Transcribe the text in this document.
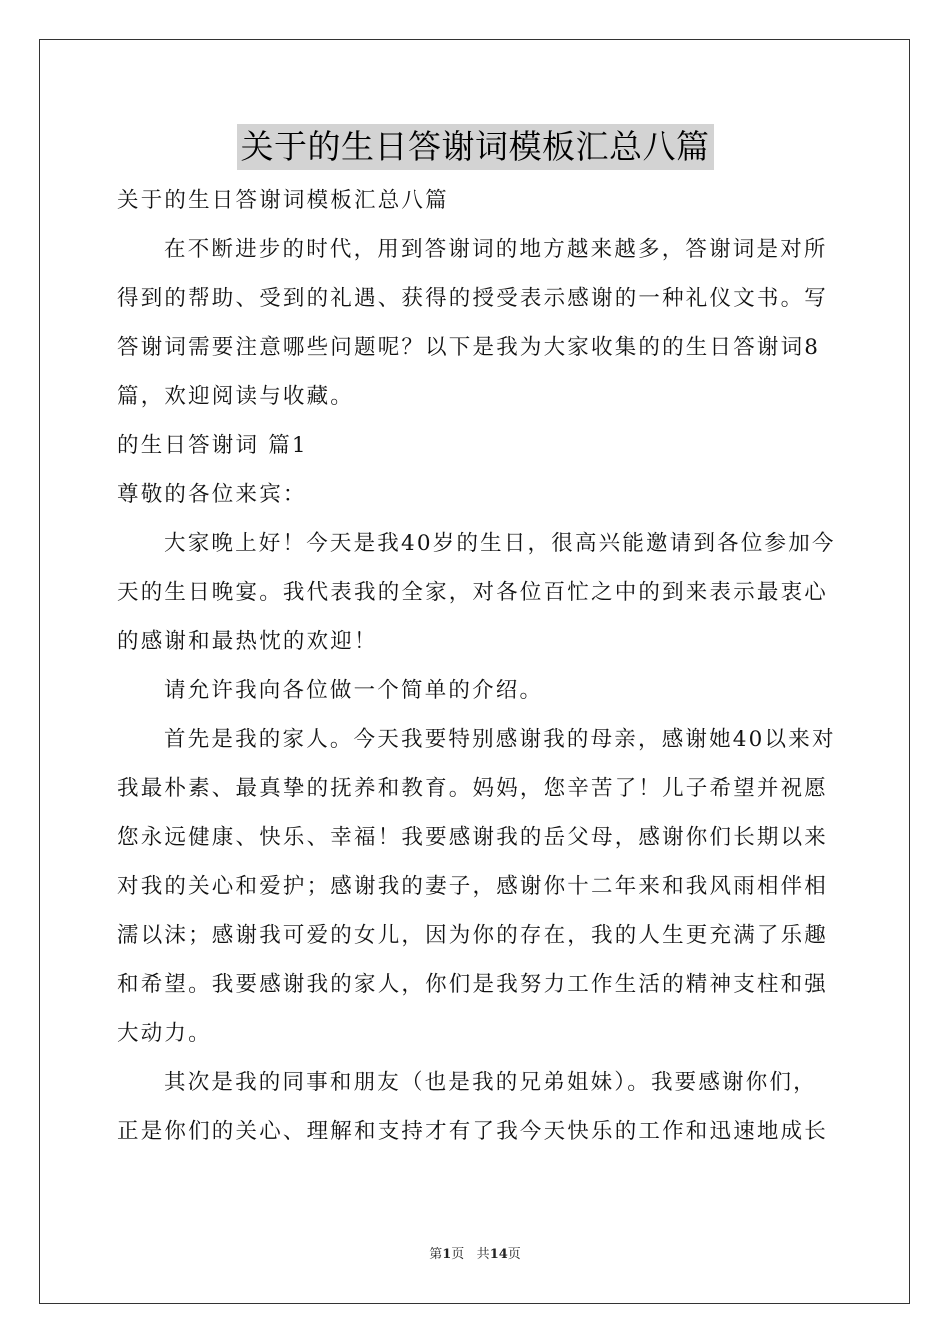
关于的生日答谢词模板汇总八篇

关于的生日答谢词模板汇总八篇

在不断进步的时代，用到答谢词的地方越来越多，答谢词是对所得到的帮助、受到的礼遇、获得的授受表示感谢的一种礼仪文书。写答谢词需要注意哪些问题呢？以下是我为大家收集的的生日答谢词8篇，欢迎阅读与收藏。

的生日答谢词 篇1

尊敬的各位来宾：

大家晚上好！今天是我40岁的生日，很高兴能邀请到各位参加今天的生日晚宴。我代表我的全家，对各位百忙之中的到来表示最衷心的感谢和最热忱的欢迎！

请允许我向各位做一个简单的介绍。

首先是我的家人。今天我要特别感谢我的母亲，感谢她40以来对我最朴素、最真挚的抚养和教育。妈妈，您辛苦了！儿子希望并祝愿您永远健康、快乐、幸福！我要感谢我的岳父母，感谢你们长期以来对我的关心和爱护；感谢我的妻子，感谢你十二年来和我风雨相伴相濡以沫；感谢我可爱的女儿，因为你的存在，我的人生更充满了乐趣和希望。我要感谢我的家人，你们是我努力工作生活的精神支柱和强大动力。

其次是我的同事和朋友（也是我的兄弟姐妹）。我要感谢你们，正是你们的关心、理解和支持才有了我今天快乐的工作和迅速地成长

第1页 共14页
